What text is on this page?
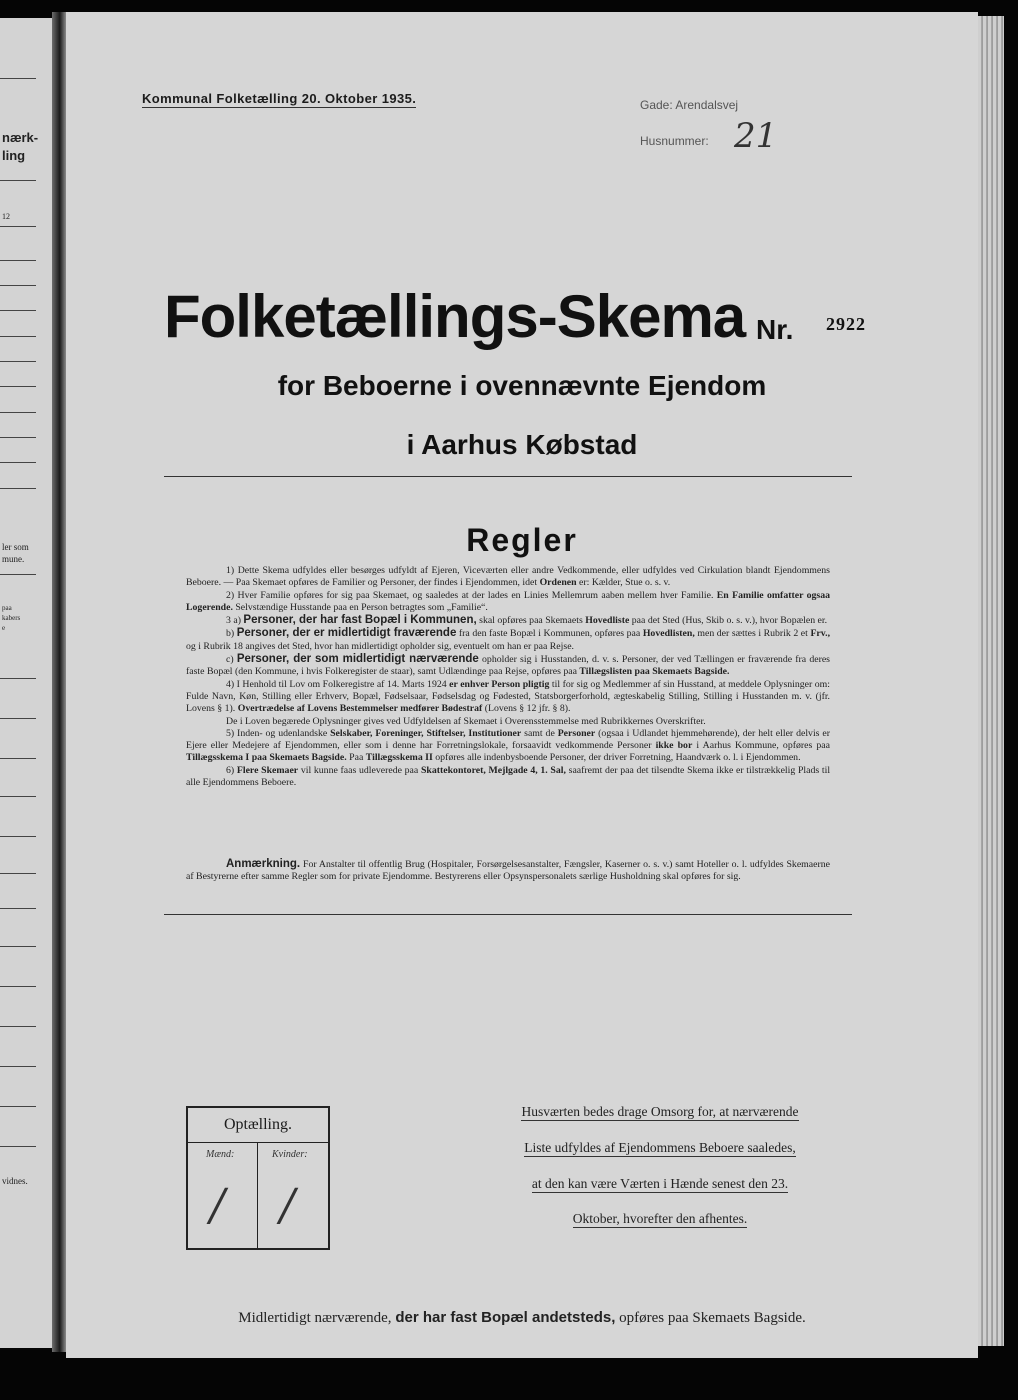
nærk-
ling
12
ler som
mune.
paa
kabers
e
vidnes.
Kommunal Folketælling 20. Oktober 1935.	Gade: Arendalsvej
Husnummer: 21
Folketællings-Skema Nr. 2922
for Beboerne i ovennævnte Ejendom
i Aarhus Købstad
Regler

1) Dette Skema udfyldes eller besørges udfyldt af Ejeren, Viceværten eller andre Vedkommende, eller udfyldes ved Cirkulation blandt Ejendommens Beboere. — Paa Skemaet opføres de Familier og Personer, der findes i Ejendommen, idet Ordenen er: Kælder, Stue o. s. v.

2) Hver Familie opføres for sig paa Skemaet, og saaledes at der lades en Linies Mellemrum aaben mellem hver Familie. En Familie omfatter ogsaa Logerende. Selvstændige Husstande paa en Person betragtes som „Familie“.

3 a) Personer, der har fast Bopæl i Kommunen, skal opføres paa Skemaets Hovedliste paa det Sted (Hus, Skib o. s. v.), hvor Bopælen er.

b) Personer, der er midlertidigt fraværende fra den faste Bopæl i Kommunen, opføres paa Hovedlisten, men der sættes i Rubrik 2 et Frv., og i Rubrik 18 angives det Sted, hvor han midlertidigt opholder sig, eventuelt om han er paa Rejse.

c) Personer, der som midlertidigt nærværende opholder sig i Husstanden, d. v. s. Personer, der ved Tællingen er fraværende fra deres faste Bopæl (den Kommune, i hvis Folkeregister de staar), samt Udlændinge paa Rejse, opføres paa Tillægslisten paa Skemaets Bagside.

4) I Henhold til Lov om Folkeregistre af 14. Marts 1924 er enhver Person pligtig til for sig og Medlemmer af sin Husstand, at meddele Oplysninger om: Fulde Navn, Køn, Stilling eller Erhverv, Bopæl, Fødselsaar, Fødselsdag og Fødested, Statsborgerforhold, ægteskabelig Stilling, Stilling i Husstanden m. v. (jfr. Lovens § 1). Overtrædelse af Lovens Bestemmelser medfører Bødestraf (Lovens § 12 jfr. § 8).

De i Loven begærede Oplysninger gives ved Udfyldelsen af Skemaet i Overensstemmelse med Rubrikkernes Overskrifter.

5) Inden- og udenlandske Selskaber, Foreninger, Stiftelser, Institutioner samt de Personer (ogsaa i Udlandet hjemmehørende), der helt eller delvis er Ejere eller Medejere af Ejendommen, eller som i denne har Forretningslokale, forsaavidt vedkommende Personer ikke bor i Aarhus Kommune, opføres paa Tillægsskema I paa Skemaets Bagside. Paa Tillægsskema II opføres alle indenbysboende Personer, der driver Forretning, Haandværk o. l. i Ejendommen.

6) Flere Skemaer vil kunne faas udleverede paa Skattekontoret, Mejlgade 4, 1. Sal, saafremt der paa det tilsendte Skema ikke er tilstrækkelig Plads til alle Ejendommens Beboere.

Anmærkning. For Anstalter til offentlig Brug (Hospitaler, Forsørgelsesanstalter, Fængsler, Kaserner o. s. v.) samt Hoteller o. l. udfyldes Skemaerne af Bestyrerne efter samme Regler som for private Ejendomme. Bestyrerens eller Opsynspersonalets særlige Husholdning skal opføres for sig.

Optælling.
Mænd:	Kvinder:
/ /
Husværten bedes drage Omsorg for, at nærværende
Liste udfyldes af Ejendommens Beboere saaledes,
at den kan være Værten i Hænde senest den 23.
Oktober, hvorefter den afhentes.
Midlertidigt nærværende, der har fast Bopæl andetsteds, opføres paa Skemaets Bagside.
